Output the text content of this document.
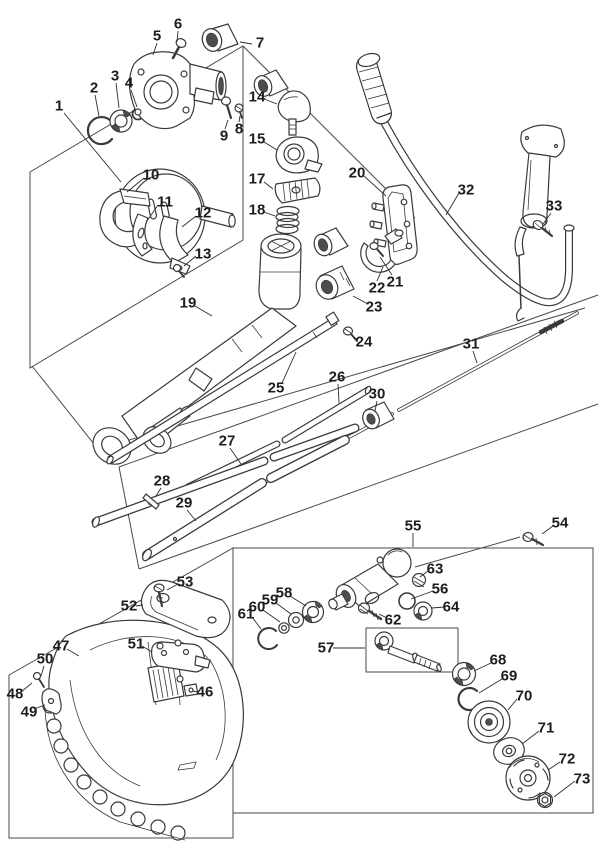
1
2
3 4
5
6
7
8
9
10
11
12
13
14
15
17
18
19
20
21
22
23
24
25
26
27
28
29
30
31
32
33
46
47
48
49
50
51
52
53
54
55
56
57
58
59
60
61	62
63
64
68
69
70
71
72
73
